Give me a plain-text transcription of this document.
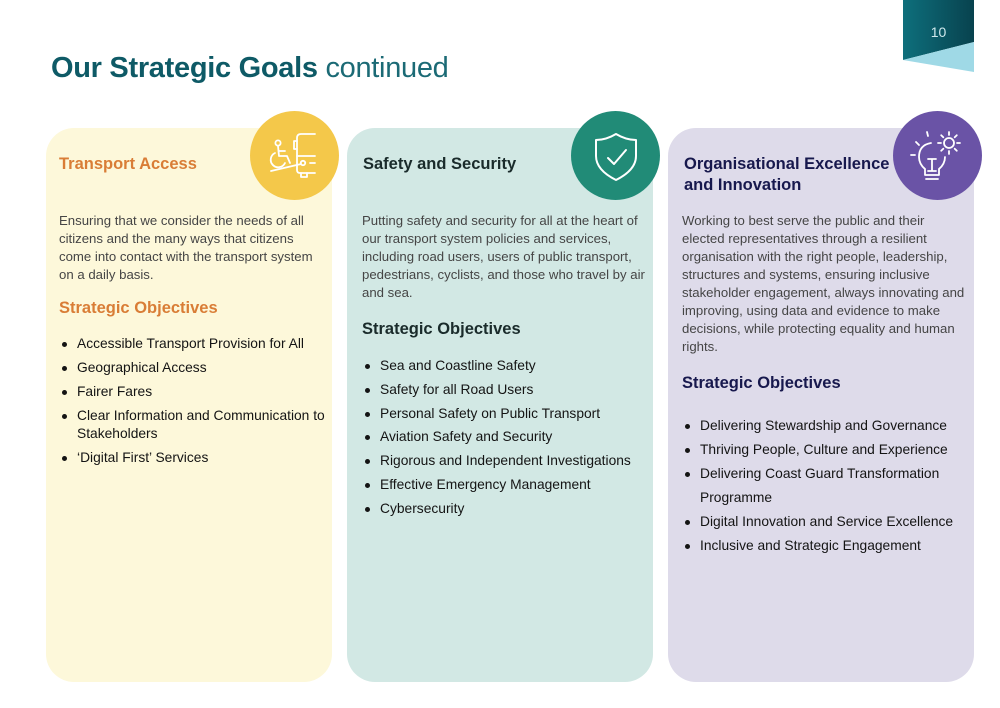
Our Strategic Goals continued
10
Transport Access

Ensuring that we consider the needs of all citizens and the many ways that citizens come into contact with the transport system on a daily basis.

Strategic Objectives
Accessible Transport Provision for All
Geographical Access
Fairer Fares
Clear Information and Communication to Stakeholders
‘Digital First’ Services
Safety and Security

Putting safety and security for all at the heart of our transport system policies and services, including road users, users of public transport, pedestrians, cyclists, and those who travel by air and sea.

Strategic Objectives
Sea and Coastline Safety
Safety for all Road Users
Personal Safety on Public Transport
Aviation Safety and Security
Rigorous and Independent Investigations
Effective Emergency Management
Cybersecurity
Organisational Excellence and Innovation

Working to best serve the public and their elected representatives through a resilient organisation with the right people, leadership, structures and systems, ensuring inclusive stakeholder engagement, always innovating and improving, using data and evidence to make decisions, while protecting equality and human rights.

Strategic Objectives
Delivering Stewardship and Governance
Thriving People, Culture and Experience
Delivering Coast Guard Transformation Programme
Digital Innovation and Service Excellence
Inclusive and Strategic Engagement
